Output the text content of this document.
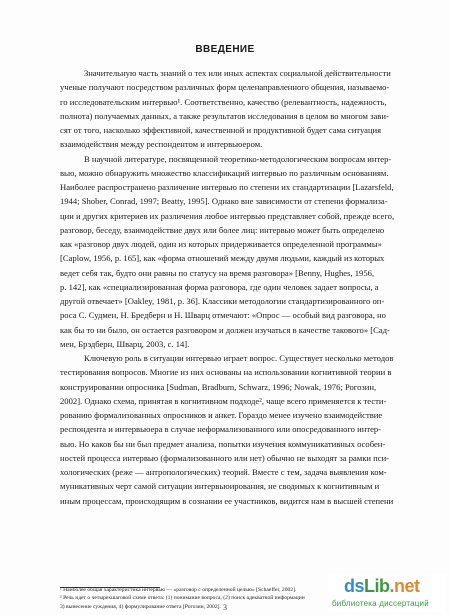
ВВЕДЕНИЕ

Значительную часть знаний о тех или иных аспектах социальной действительности
ученые получают посредством различных форм целенаправленного общения, называемо-
го исследовательским интервью¹. Соответственно, качество (релевантность, надежность,
полнота) получаемых данных, а также результатов исследования в целом во многом зави-
сят от того, насколько эффективной, качественной и продуктивной будет сама ситуация
взаимодействия между респондентом и интервьюером.

В научной литературе, посвященной теоретико-методологическим вопросам интер-
вью, можно обнаружить множество классификаций интервью по различным основаниям.
Наиболее распространено различение интервью по степени их стандартизации [Lazarsfeld,
1944; Shober, Conrad, 1997; Beatty, 1995]. Однако вне зависимости от степени формализа-
ции и других критериев их различения любое интервью представляет собой, прежде всего,
разговор, беседу, взаимодействие двух или более лиц: интервью может быть определено
как «разговор двух людей, один из которых придерживается определенной программы»
[Caplow, 1956, p. 165], как «форма отношений между двумя людьми, каждый из которых
ведет себя так, будто они равны по статусу на время разговора» [Benny, Hughes, 1956,
p. 142], как «специализированная форма разговора, где один человек задает вопросы, а
другой отвечает» [Oakley, 1981, p. 36]. Классики методологии стандартизированного оп-
роса С. Судмен, Н. Бредберн и Н. Шварц отмечают: «Опрос — особый вид разговора, но
как бы то ни было, он остается разговором и должен изучаться в качестве такового» [Сад-
мен, Брэдберн, Шварц, 2003, с. 14].

Ключевую роль в ситуации интервью играет вопрос. Существует несколько методов
тестирования вопросов. Многие из них основаны на использовании когнитивной теории в
конструировании опросника [Sudman, Bradburn, Schwarz, 1996; Nowak, 1976; Рогозин,
2002]. Однако схема, принятая в когнитивном подходе², чаще всего применяется к тести-
рованию формализованных опросников и анкет. Гораздо менее изучено взаимодействие
респондента и интервьюера в случае неформализованного или опосредованного интер-
вью. Но каков бы ни был предмет анализа, попытки изучения коммуникативных особен-
ностей процесса интервью (формализованного или нет) обычно не выходят за рамки пси-
хологических (реже — антропологических) теорий. Вместе с тем, задача выявления ком-
муникативных черт самой ситуации интервьюирования, не сводимых к когнитивным и
иным процессам, происходящим в сознании ее участников, видится нам в высшей степени

¹ Наиболее общая характеристика интервью — «разговор с определенной целью» [Schaeffer, 2002].
² Речь идет о четырехшаговой схеме ответа: (1) понимание вопроса, (2) поиск адекватной информации
3) вынесение суждения, 4) формулирование ответа [Рогозин, 2002]. 3
dsLib.net
библиотека диссертаций
